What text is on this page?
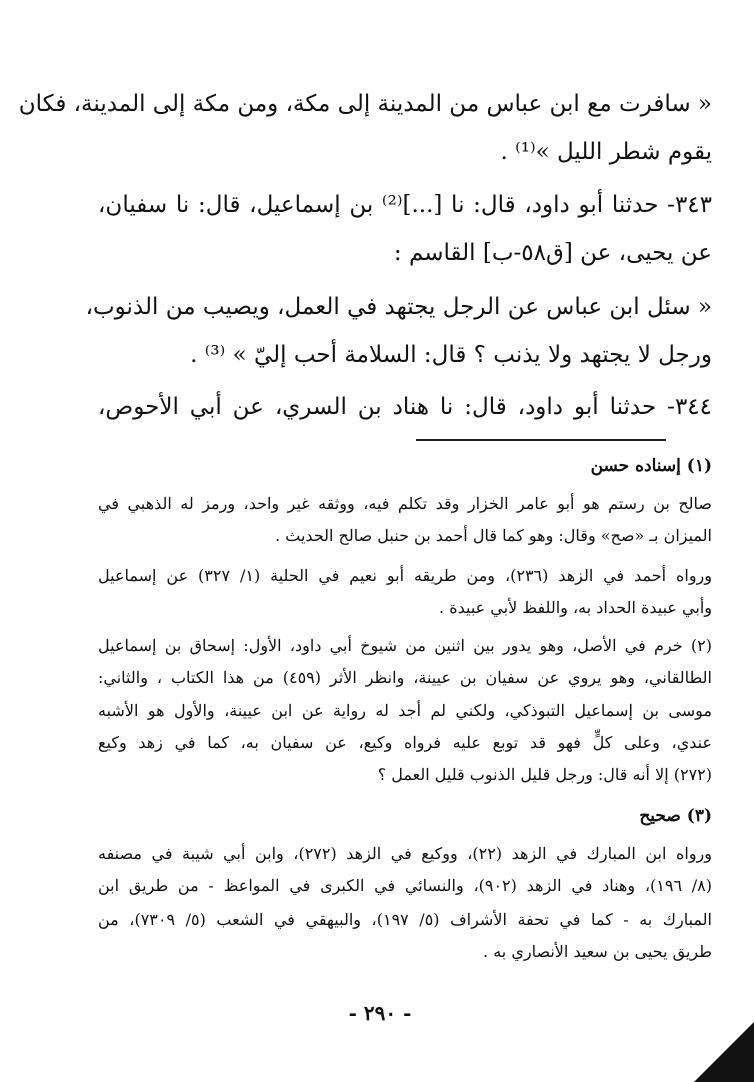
« سافرت مع ابن عباس من المدينة إلى مكة، ومن مكة إلى المدينة، فكان
يقوم شطر الليل »⁽¹⁾ .
٣٤٣- حدثنا أبو داود، قال: نا [...]⁽²⁾ بن إسماعيل، قال: نا سفيان،
عن يحيى، عن [ق٥٨-ب] القاسم :
« سئل ابن عباس عن الرجل يجتهد في العمل، ويصيب من الذنوب،
ورجل لا يجتهد ولا يذنب ؟ قال: السلامة أحب إليّ » ⁽³⁾ .
٣٤٤- حدثنا أبو داود، قال: نا هناد بن السري، عن أبي الأحوص،
(١) إسناده حسن
صالح بن رستم هو أبو عامر الخزار وقد تكلم فيه، ووثقه غير واحد، ورمز له الذهبي في
الميزان بـ «صح» وقال: وهو كما قال أحمد بن حنبل صالح الحديث .
ورواه أحمد في الزهد (٢٣٦)، ومن طريقه أبو نعيم في الحلية (١/ ٣٢٧) عن إسماعيل
وأبي عبيدة الحداد به، واللفظ لأبي عبيدة .
(٢) خرم في الأصل، وهو يدور بين اثنين من شيوخ أبي داود، الأول: إسحاق بن إسماعيل
الطالقاني، وهو يروي عن سفيان بن عيينة، وانظر الأثر (٤٥٩) من هذا الكتاب ، والثاني:
موسى بن إسماعيل التبوذكي، ولكني لم أجد له رواية عن ابن عيينة، والأول هو الأشبه
عندي، وعلى كلٍّ فهو قد توبع عليه فرواه وكيع، عن سفيان به، كما في زهد وكيع
(٢٧٢) إلا أنه قال: ورجل قليل الذنوب قليل العمل ؟
(٣) صحيح
ورواه ابن المبارك في الزهد (٢٢)، ووكيع في الزهد (٢٧٢)، وابن أبي شيبة في مصنفه
(٨/ ١٩٦)، وهناد في الزهد (٩٠٢)، والنسائي في الكبرى في المواعظ - من طريق ابن
المبارك به - كما في تحفة الأشراف (٥/ ١٩٧)، والبيهقي في الشعب (٥/ ٧٣٠٩)، من
طريق يحيى بن سعيد الأنصاري به .
- ٢٩٠ -
